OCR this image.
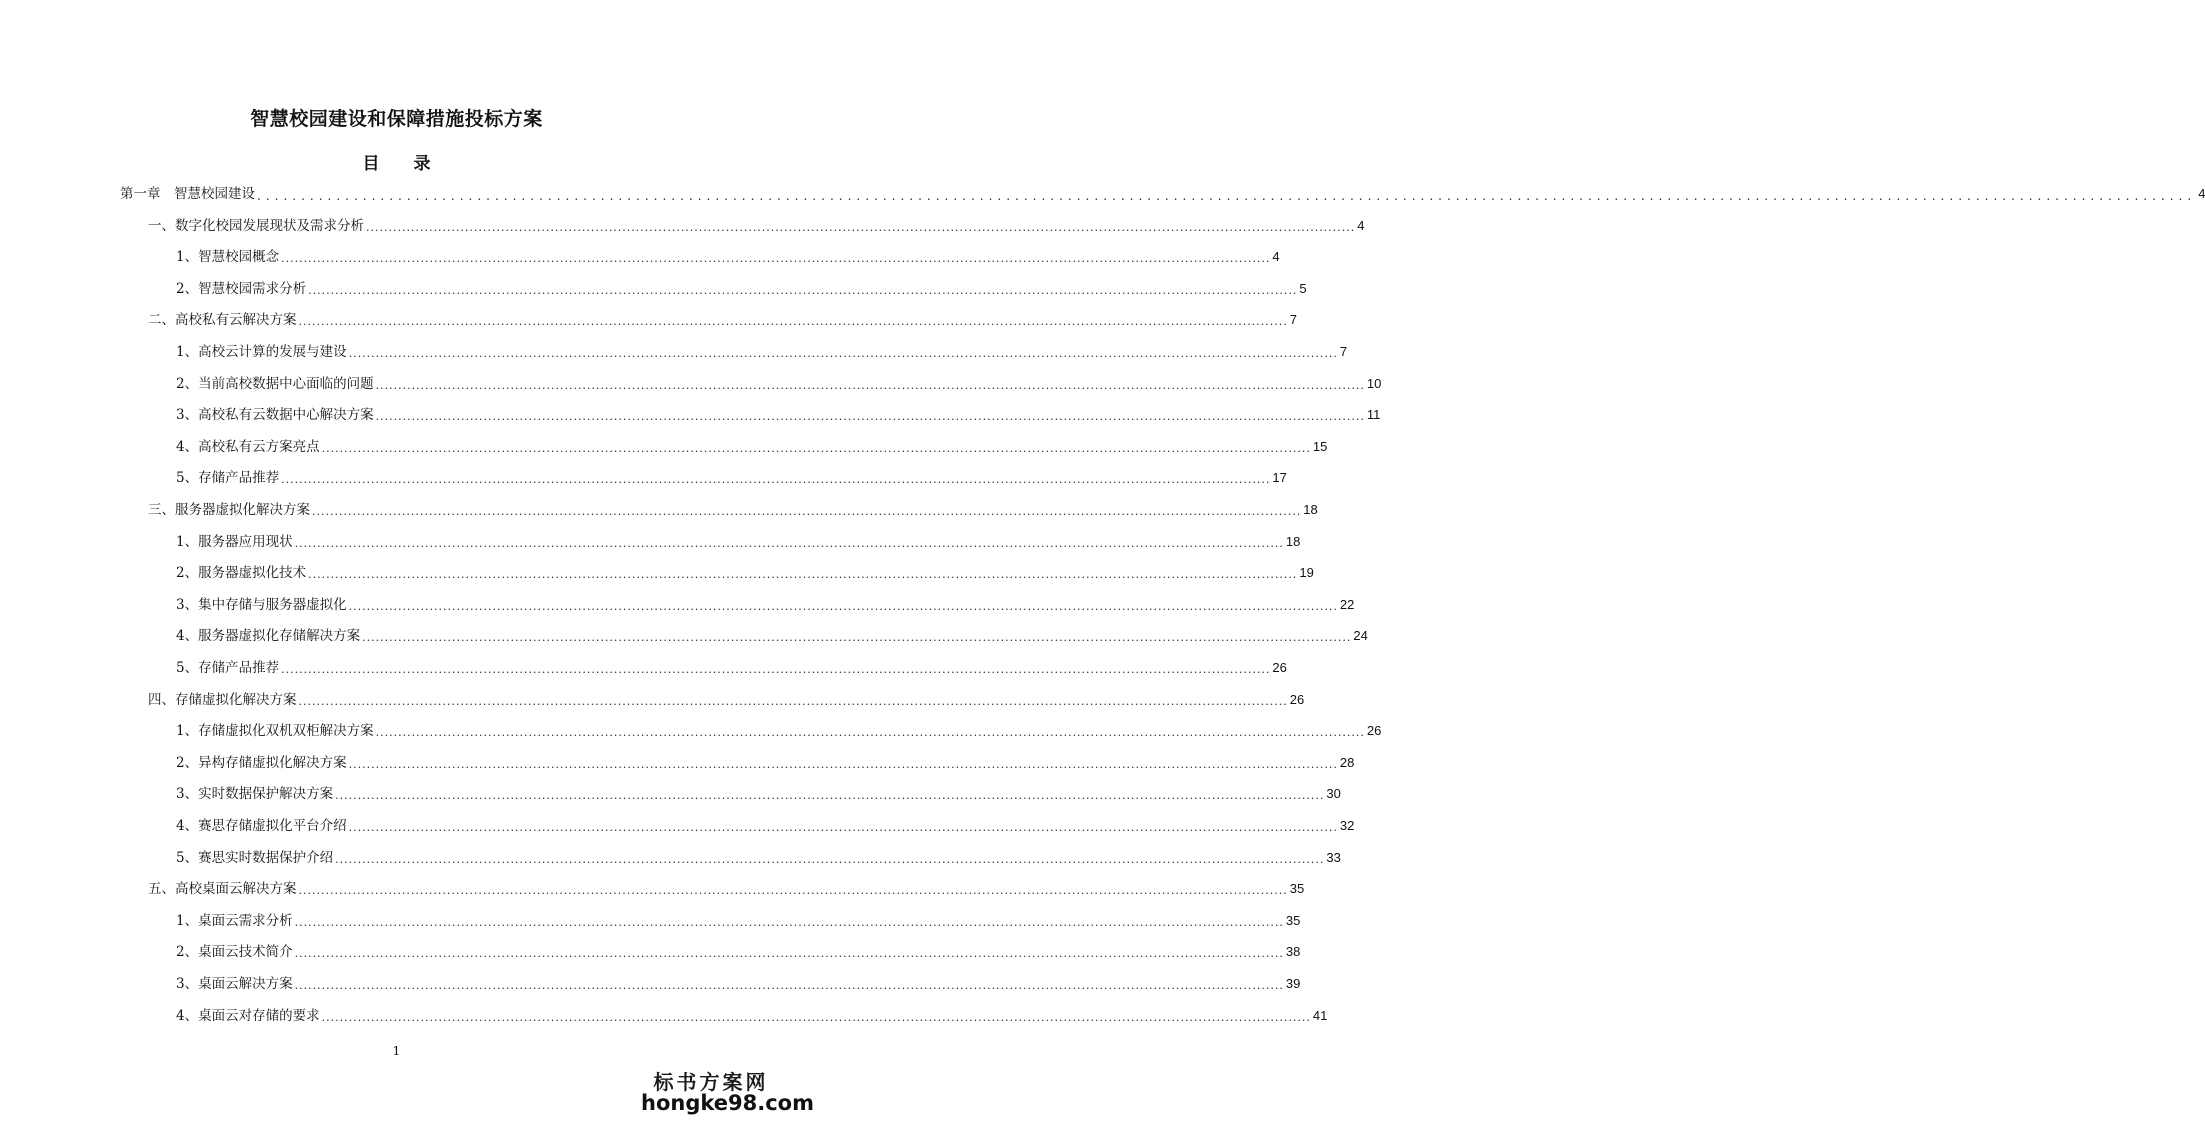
智慧校园建设和保障措施投标方案
目 录
第一章　智慧校园建设 ............................................................................................................................................................................................................................ 4
一、数字化校园发展现状及需求分析 ............................................................................................................................................................................................................................ 4
1、智慧校园概念 ............................................................................................................................................................................................................................ 4
2、智慧校园需求分析 ............................................................................................................................................................................................................................ 5
二、高校私有云解决方案 ............................................................................................................................................................................................................................ 7
1、高校云计算的发展与建设 ............................................................................................................................................................................................................................ 7
2、当前高校数据中心面临的问题 ............................................................................................................................................................................................................................ 10
3、高校私有云数据中心解决方案 ............................................................................................................................................................................................................................ 11
4、高校私有云方案亮点 ............................................................................................................................................................................................................................ 15
5、存储产品推荐 ............................................................................................................................................................................................................................ 17
三、服务器虚拟化解决方案 ............................................................................................................................................................................................................................ 18
1、服务器应用现状 ............................................................................................................................................................................................................................ 18
2、服务器虚拟化技术 ............................................................................................................................................................................................................................ 19
3、集中存储与服务器虚拟化 ............................................................................................................................................................................................................................ 22
4、服务器虚拟化存储解决方案 ............................................................................................................................................................................................................................ 24
5、存储产品推荐 ............................................................................................................................................................................................................................ 26
四、存储虚拟化解决方案 ............................................................................................................................................................................................................................ 26
1、存储虚拟化双机双柜解决方案 ............................................................................................................................................................................................................................ 26
2、异构存储虚拟化解决方案 ............................................................................................................................................................................................................................ 28
3、实时数据保护解决方案 ............................................................................................................................................................................................................................ 30
4、赛思存储虚拟化平台介绍 ............................................................................................................................................................................................................................ 32
5、赛思实时数据保护介绍 ............................................................................................................................................................................................................................ 33
五、高校桌面云解决方案 ............................................................................................................................................................................................................................ 35
1、桌面云需求分析 ............................................................................................................................................................................................................................ 35
2、桌面云技术简介 ............................................................................................................................................................................................................................ 38
3、桌面云解决方案 ............................................................................................................................................................................................................................ 39
4、桌面云对存储的要求 ............................................................................................................................................................................................................................ 41
1
标书方案网
hongke98.com
